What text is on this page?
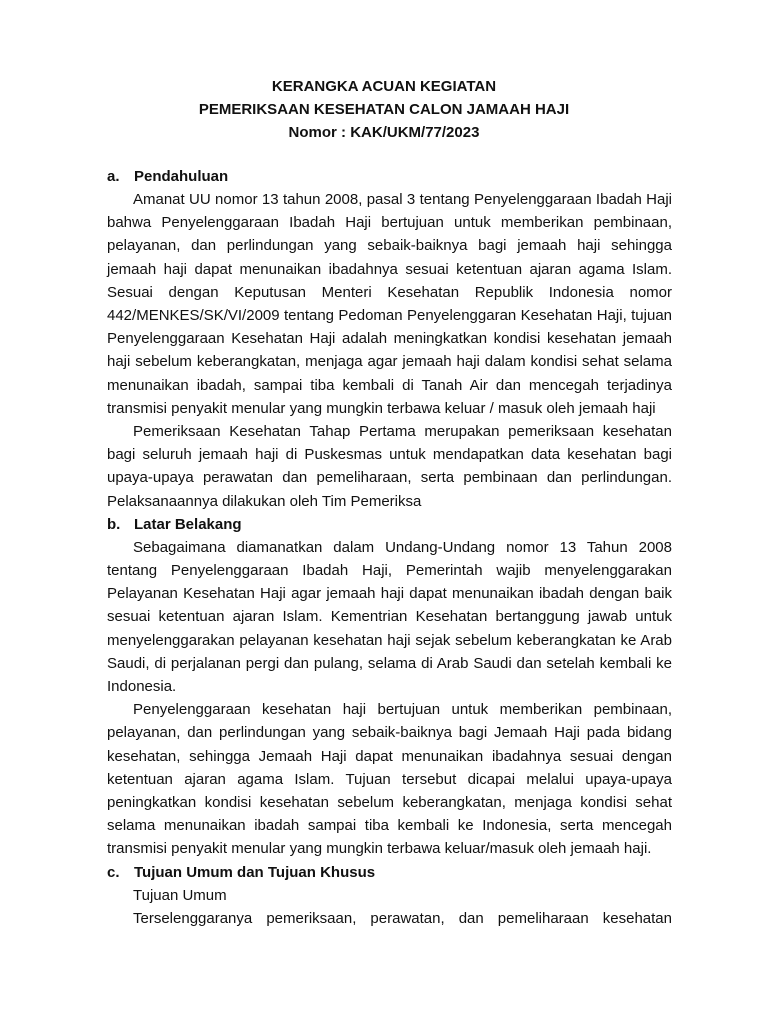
KERANGKA ACUAN KEGIATAN
PEMERIKSAAN KESEHATAN CALON JAMAAH HAJI
Nomor : KAK/UKM/77/2023
a. Pendahuluan

Amanat UU nomor 13 tahun 2008, pasal 3 tentang Penyelenggaraan Ibadah Haji bahwa Penyelenggaraan Ibadah Haji bertujuan untuk memberikan pembinaan, pelayanan, dan perlindungan yang sebaik-baiknya bagi jemaah haji sehingga jemaah haji dapat menunaikan ibadahnya sesuai ketentuan ajaran agama Islam. Sesuai dengan Keputusan Menteri Kesehatan Republik Indonesia nomor 442/MENKES/SK/VI/2009 tentang Pedoman Penyelenggaran Kesehatan Haji, tujuan Penyelenggaraan Kesehatan Haji adalah meningkatkan kondisi kesehatan jemaah haji sebelum keberangkatan, menjaga agar jemaah haji dalam kondisi sehat selama menunaikan ibadah, sampai tiba kembali di Tanah Air dan mencegah terjadinya transmisi penyakit menular yang mungkin terbawa keluar / masuk oleh jemaah haji

Pemeriksaan Kesehatan Tahap Pertama merupakan pemeriksaan kesehatan bagi seluruh jemaah haji di Puskesmas untuk mendapatkan data kesehatan bagi upaya-upaya perawatan dan pemeliharaan, serta pembinaan dan perlindungan. Pelaksanaannya dilakukan oleh Tim Pemeriksa

b. Latar Belakang

Sebagaimana diamanatkan dalam Undang-Undang nomor 13 Tahun 2008 tentang Penyelenggaraan Ibadah Haji, Pemerintah wajib menyelenggarakan Pelayanan Kesehatan Haji agar jemaah haji dapat menunaikan ibadah dengan baik sesuai ketentuan ajaran Islam. Kementrian Kesehatan bertanggung jawab untuk menyelenggarakan pelayanan kesehatan haji sejak sebelum keberangkatan ke Arab Saudi, di perjalanan pergi dan pulang, selama di Arab Saudi dan setelah kembali ke Indonesia.

Penyelenggaraan kesehatan haji bertujuan untuk memberikan pembinaan, pelayanan, dan perlindungan yang sebaik-baiknya bagi Jemaah Haji pada bidang kesehatan, sehingga Jemaah Haji dapat menunaikan ibadahnya sesuai dengan ketentuan ajaran agama Islam. Tujuan tersebut dicapai melalui upaya-upaya peningkatkan kondisi kesehatan sebelum keberangkatan, menjaga kondisi sehat selama menunaikan ibadah sampai tiba kembali ke Indonesia, serta mencegah transmisi penyakit menular yang mungkin terbawa keluar/masuk oleh jemaah haji.

c. Tujuan Umum dan Tujuan Khusus
Tujuan Umum

Terselenggaranya pemeriksaan, perawatan, dan pemeliharaan kesehatan
